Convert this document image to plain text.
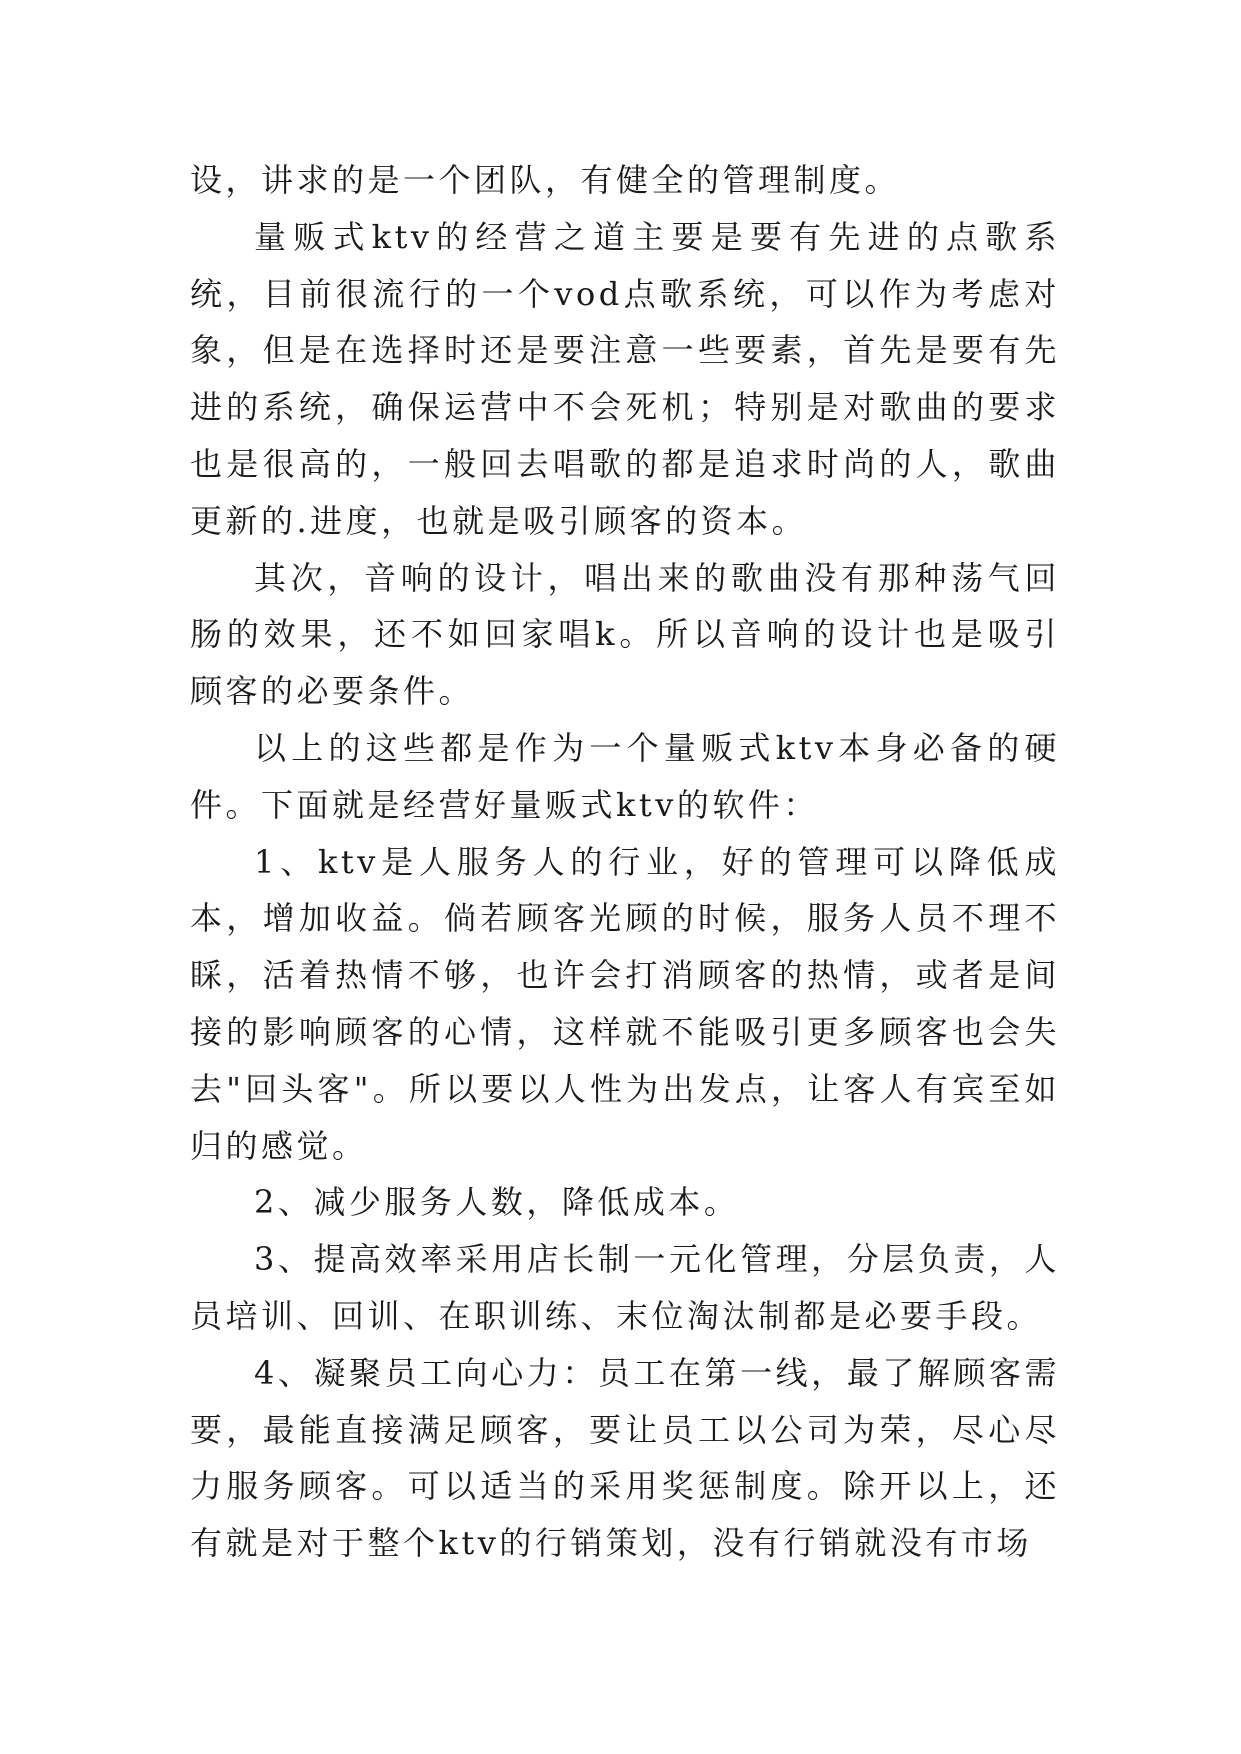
设，讲求的是一个团队，有健全的管理制度。

量贩式ktv的经营之道主要是要有先进的点歌系统，目前很流行的一个vod点歌系统，可以作为考虑对象，但是在选择时还是要注意一些要素，首先是要有先进的系统，确保运营中不会死机；特别是对歌曲的要求也是很高的，一般回去唱歌的都是追求时尚的人，歌曲更新的.进度，也就是吸引顾客的资本。

其次，音响的设计，唱出来的歌曲没有那种荡气回肠的效果，还不如回家唱k。所以音响的设计也是吸引顾客的必要条件。

以上的这些都是作为一个量贩式ktv本身必备的硬件。下面就是经营好量贩式ktv的软件：

1、ktv是人服务人的行业，好的管理可以降低成本，增加收益。倘若顾客光顾的时候，服务人员不理不睬，活着热情不够，也许会打消顾客的热情，或者是间接的影响顾客的心情，这样就不能吸引更多顾客也会失去"回头客"。所以要以人性为出发点，让客人有宾至如归的感觉。

2、减少服务人数，降低成本。

3、提高效率采用店长制一元化管理，分层负责，人员培训、回训、在职训练、末位淘汰制都是必要手段。

4、凝聚员工向心力：员工在第一线，最了解顾客需要，最能直接满足顾客，要让员工以公司为荣，尽心尽力服务顾客。可以适当的采用奖惩制度。除开以上，还有就是对于整个ktv的行销策划，没有行销就没有市场
